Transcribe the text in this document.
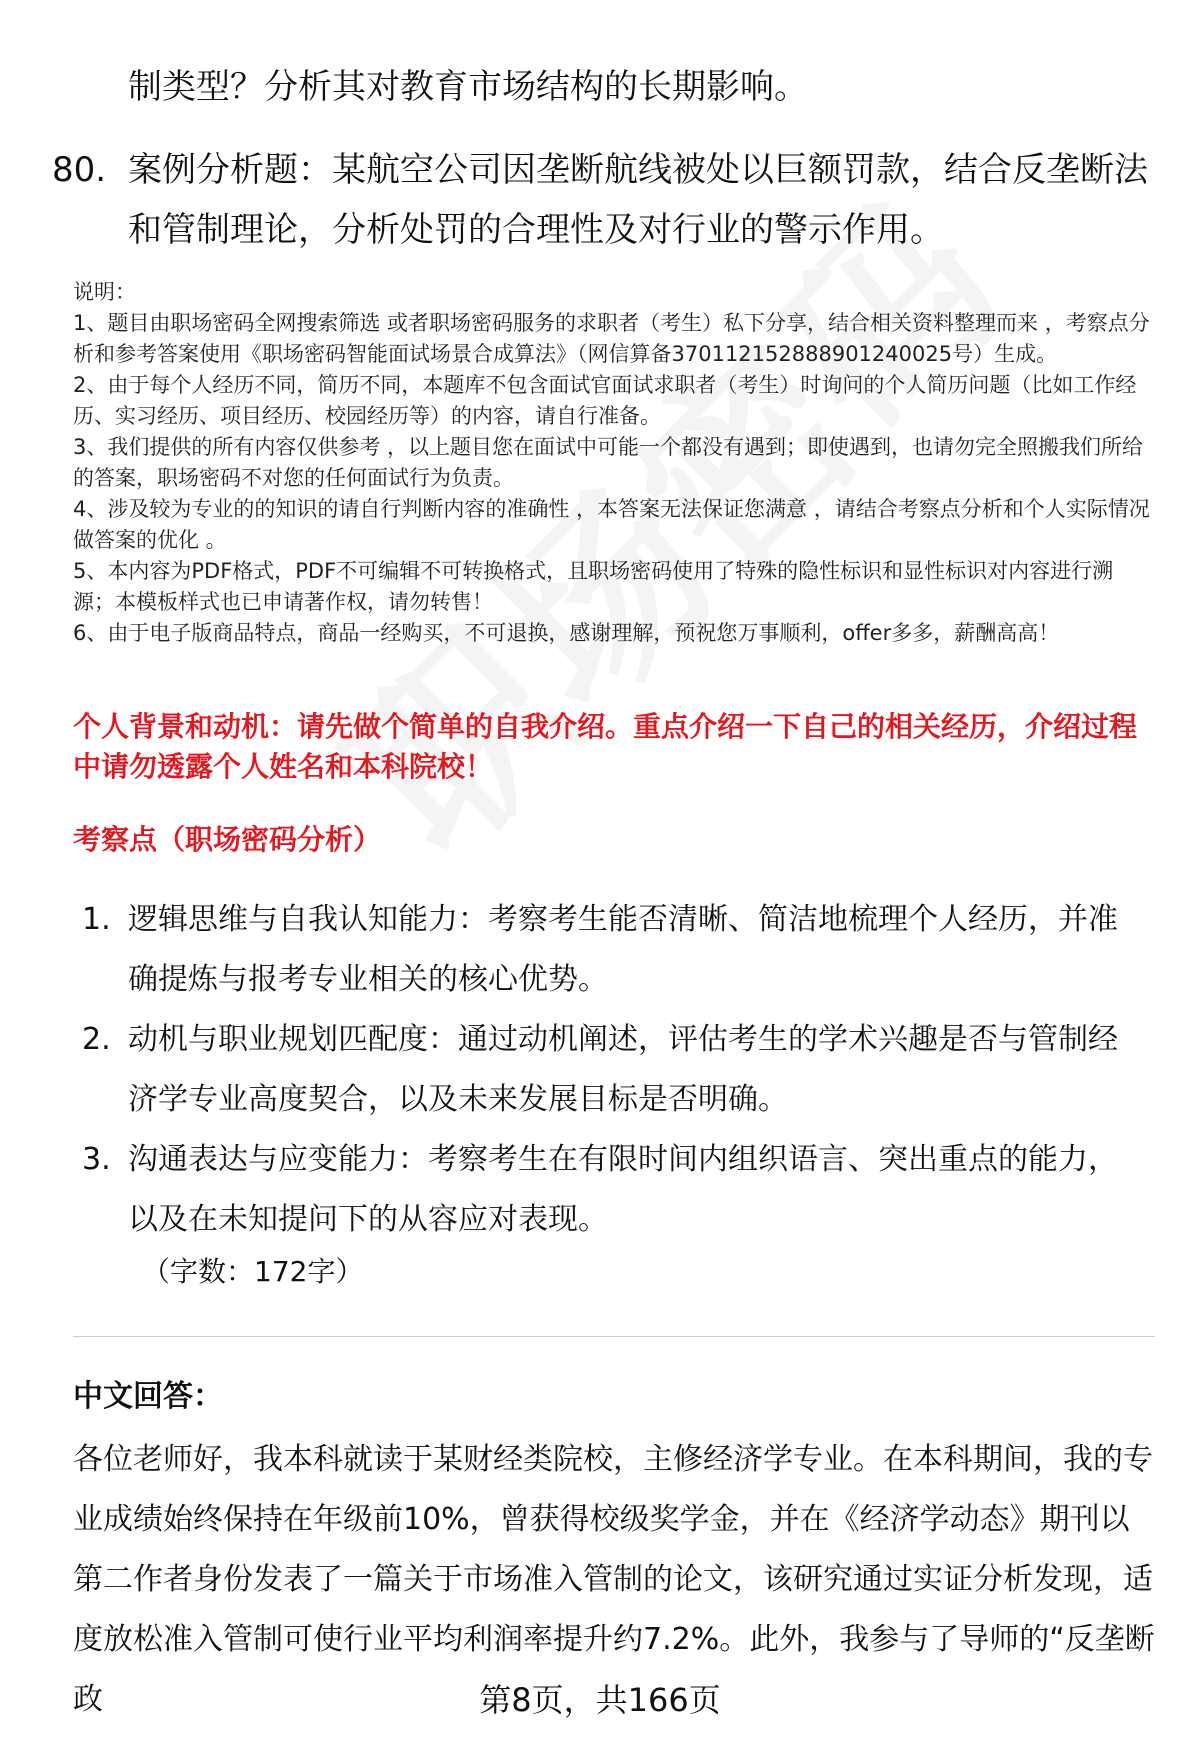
制类型？分析其对教育市场结构的长期影响。
80. 案例分析题：某航空公司因垄断航线被处以巨额罚款，结合反垄断法和管制理论，分析处罚的合理性及对行业的警示作用。

说明：

1、题目由职场密码全网搜索筛选 或者职场密码服务的求职者（考生）私下分享，结合相关资料整理而来 ，考察点分析和参考答案使用《职场密码智能面试场景合成算法》（网信算备370112152888901240025号）生成。

2、由于每个人经历不同，简历不同，本题库不包含面试官面试求职者（考生）时询问的个人简历问题（比如工作经历、实习经历、项目经历、校园经历等）的内容，请自行准备。

3、我们提供的所有内容仅供参考 ，以上题目您在面试中可能一个都没有遇到；即使遇到，也请勿完全照搬我们所给的答案，职场密码不对您的任何面试行为负责。

4、涉及较为专业的的知识的请自行判断内容的准确性 ，本答案无法保证您满意 ，请结合考察点分析和个人实际情况做答案的优化 。

5、本内容为PDF格式，PDF不可编辑不可转换格式，且职场密码使用了特殊的隐性标识和显性标识对内容进行溯源；本模板样式也已申请著作权，请勿转售！

6、由于电子版商品特点，商品一经购买，不可退换，感谢理解，预祝您万事顺利，offer多多，薪酬高高！

个人背景和动机：请先做个简单的自我介绍。重点介绍一下自己的相关经历，介绍过程中请勿透露个人姓名和本科院校！
考察点（职场密码分析）
1. 逻辑思维与自我认知能力：考察考生能否清晰、简洁地梳理个人经历，并准确提炼与报考专业相关的核心优势。
2. 动机与职业规划匹配度：通过动机阐述，评估考生的学术兴趣是否与管制经济学专业高度契合，以及未来发展目标是否明确。
3. 沟通表达与应变能力：考察考生在有限时间内组织语言、突出重点的能力，以及在未知提问下的从容应对表现。
（字数：172字）
中文回答：

各位老师好，我本科就读于某财经类院校，主修经济学专业。在本科期间，我的专业成绩始终保持在年级前10%，曾获得校级奖学金，并在《经济学动态》期刊以第二作者身份发表了一篇关于市场准入管制的论文，该研究通过实证分析发现，适度放松准入管制可使行业平均利润率提升约7.2%。此外，我参与了导师的“反垄断政	第8页，共166页
